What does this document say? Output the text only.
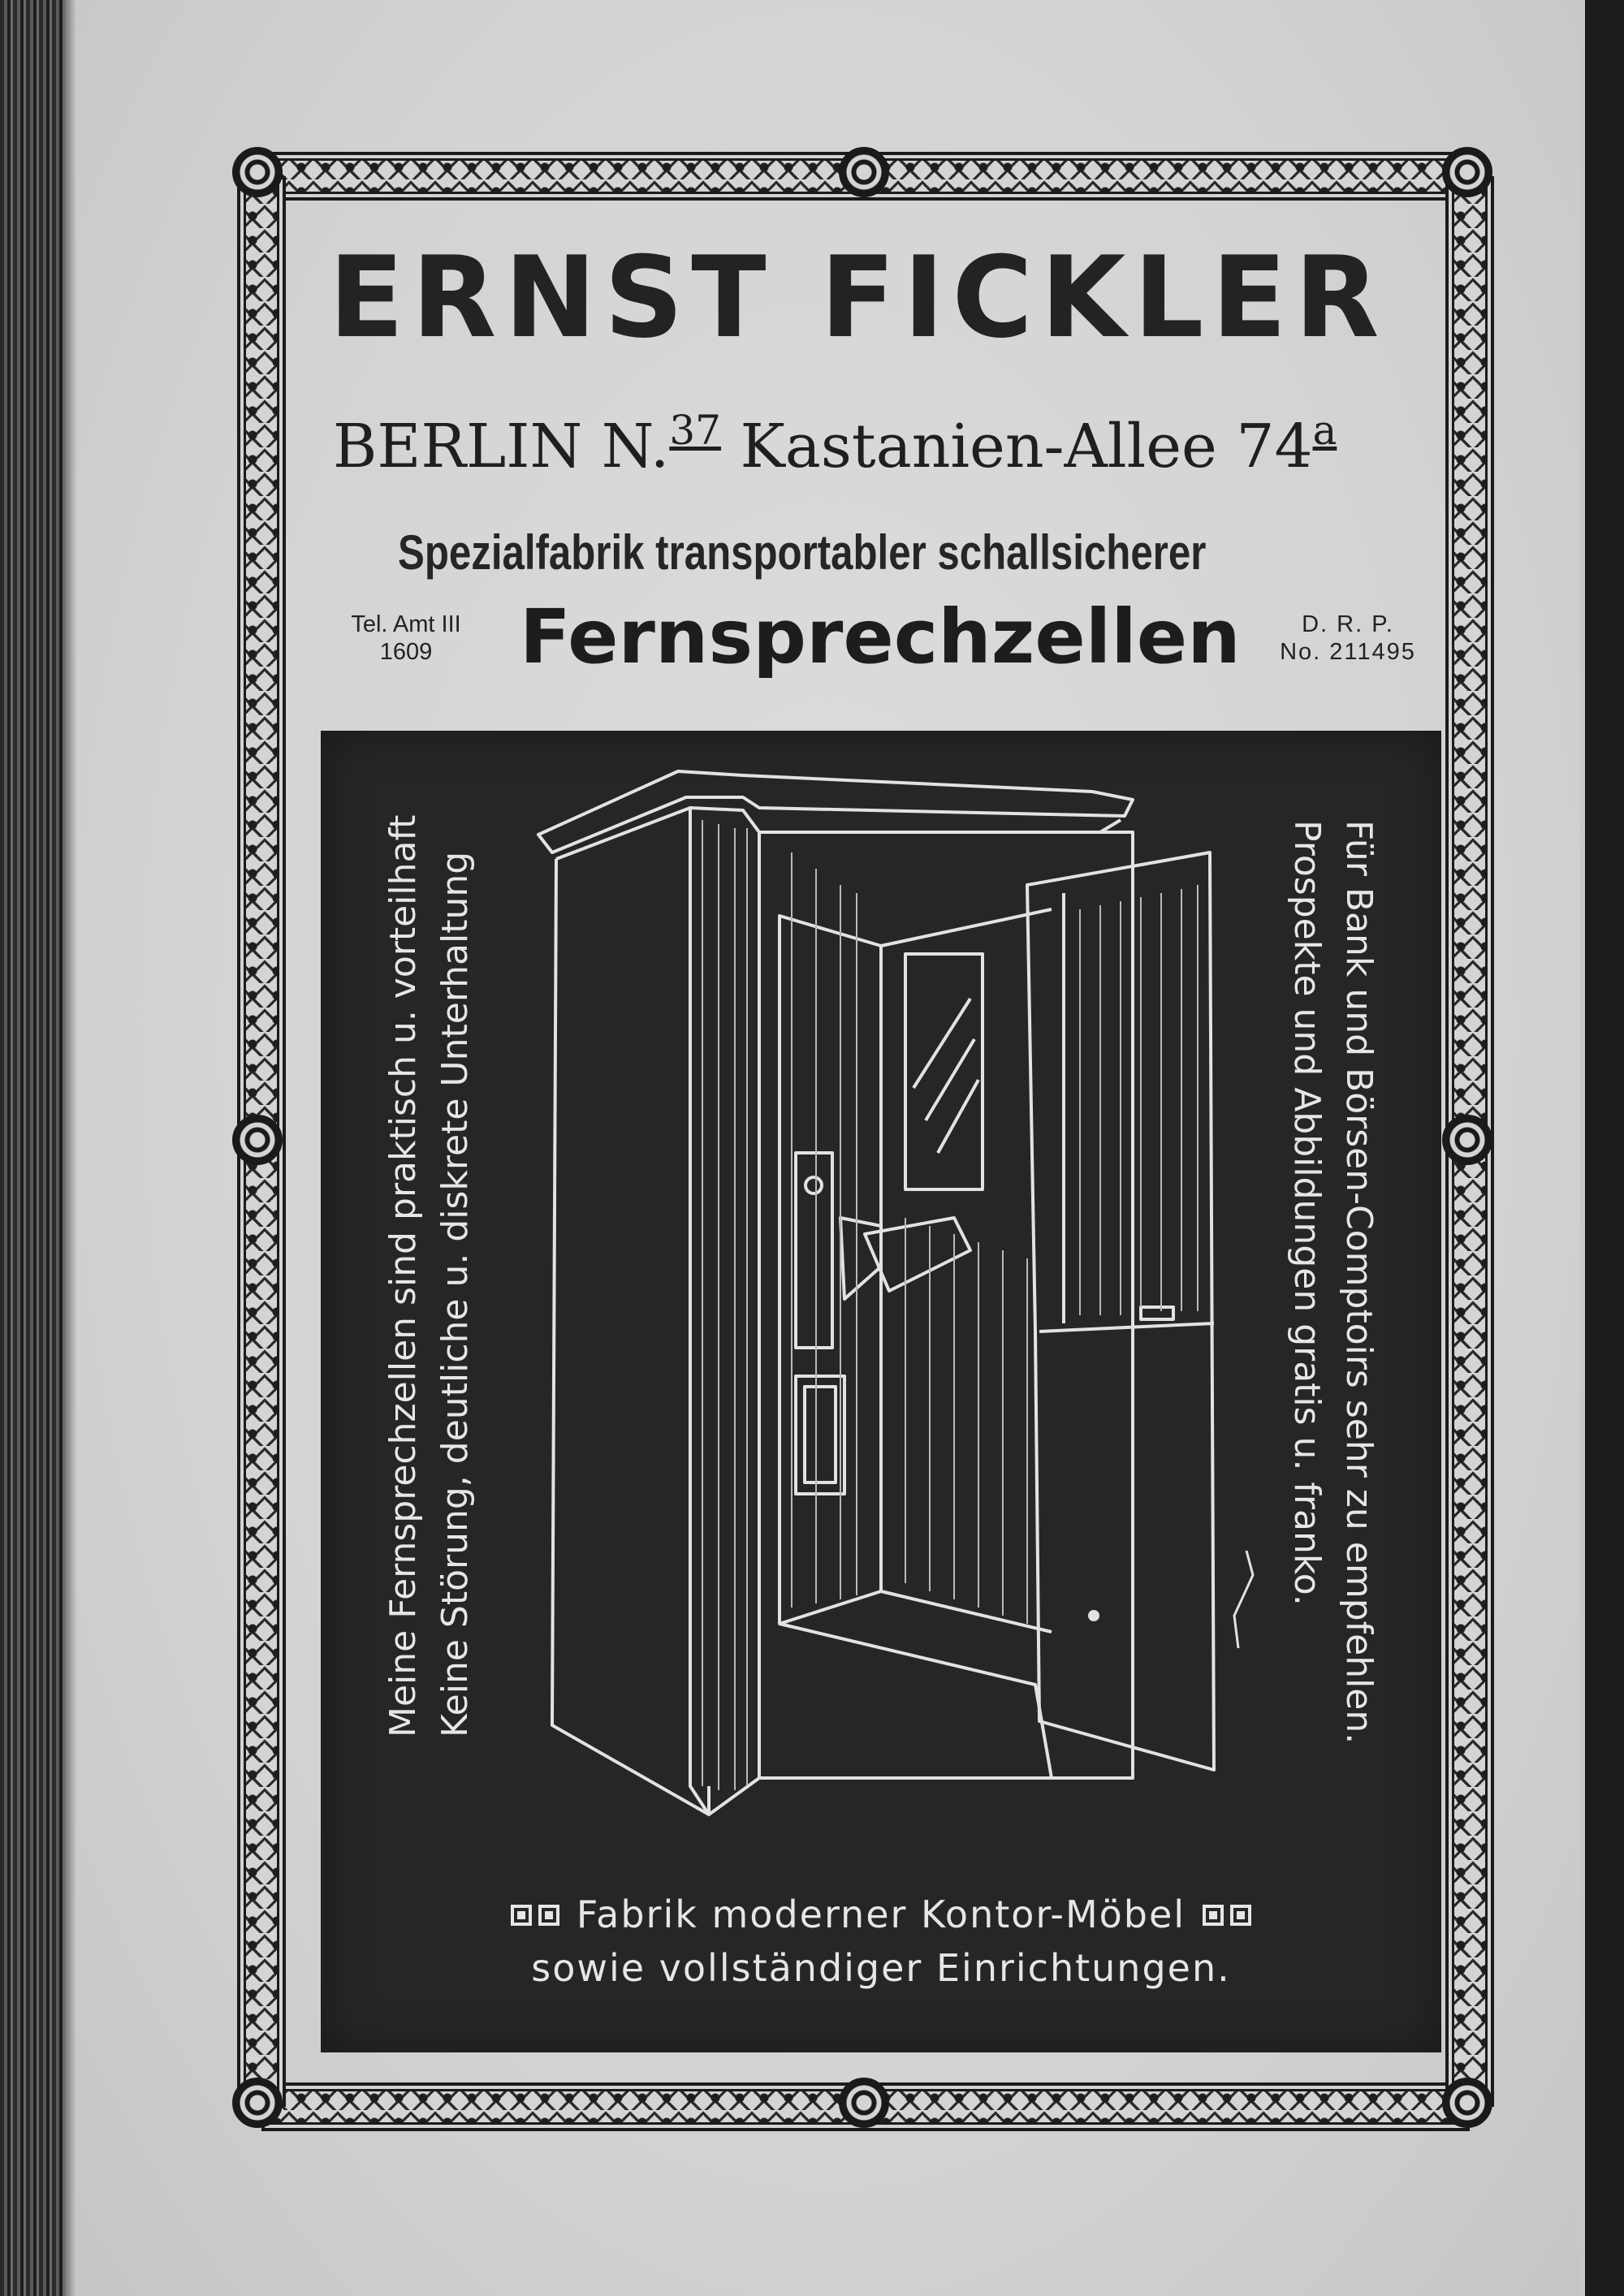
ERNST FICKLER
BERLIN N.$^{37}$ Kastanien-Allee 74$^a$
Spezialfabrik transportabler schallsicherer
Tel. Amt III
1609	Fernsprechzellen	D. R. P.
No. 211495
Meine Fernsprechzellen sind praktisch u. vorteilhaft Keine Störung, deutliche u. diskrete Unterhaltung	Für Bank und Börsen-Comptoirs sehr zu empfehlen.
Prospekte und Abbildungen gratis u. franko.
Fabrik moderner Kontor-Möbel
sowie vollständiger Einrichtungen.
